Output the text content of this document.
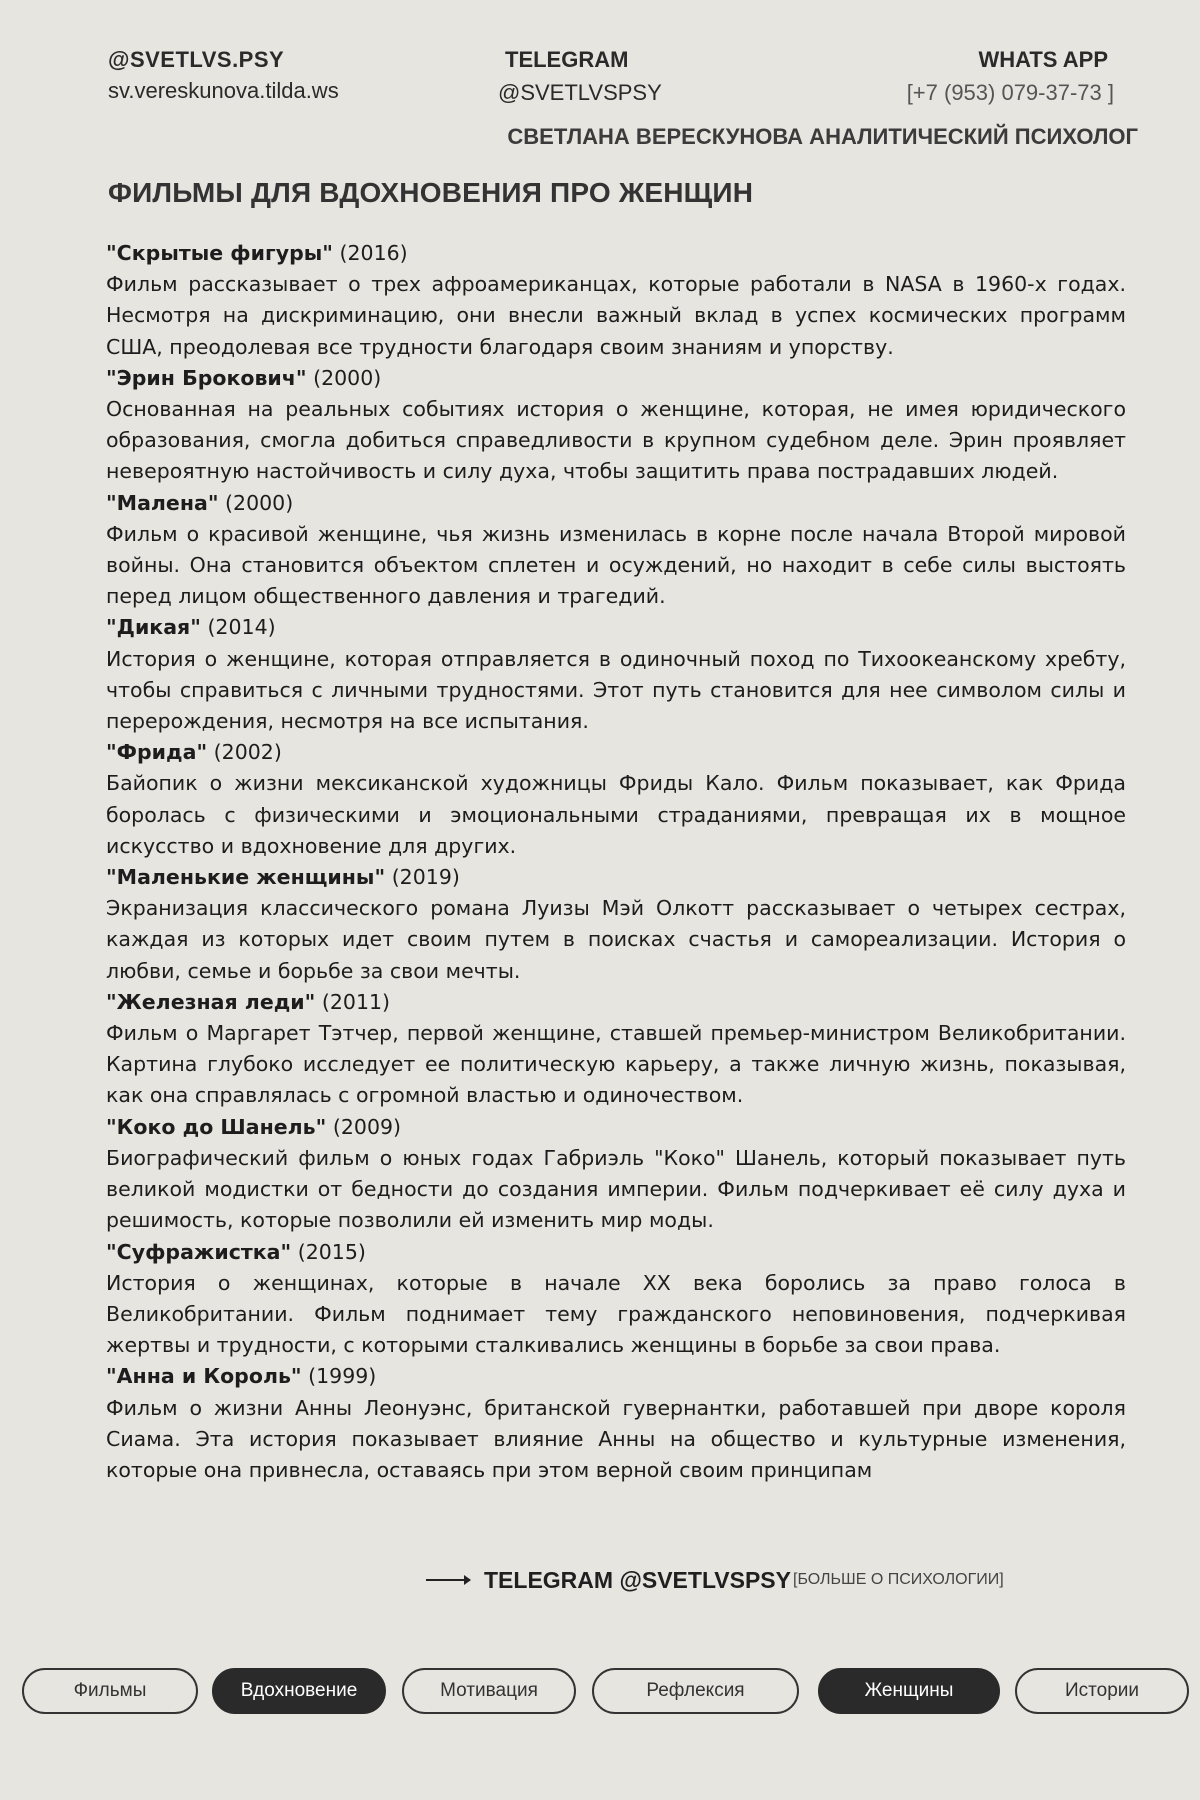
@SVETLVS.PSY
sv.vereskunova.tilda.ws
TELEGRAM
@SVETLVSPSY
WHATS APP
[+7 (953) 079-37-73 ]
СВЕТЛАНА ВЕРЕСКУНОВА АНАЛИТИЧЕСКИЙ ПСИХОЛОГ
ФИЛЬМЫ ДЛЯ ВДОХНОВЕНИЯ ПРО ЖЕНЩИН

"Скрытые фигуры" (2016)

Фильм рассказывает о трех афроамериканцах, которые работали в NASA в 1960-х годах. Несмотря на дискриминацию, они внесли важный вклад в успех космических программ США, преодолевая все трудности благодаря своим знаниям и упорству.

"Эрин Брокович" (2000)

Основанная на реальных событиях история о женщине, которая, не имея юридического образования, смогла добиться справедливости в крупном судебном деле. Эрин проявляет невероятную настойчивость и силу духа, чтобы защитить права пострадавших людей.

"Малена" (2000)

Фильм о красивой женщине, чья жизнь изменилась в корне после начала Второй мировой войны. Она становится объектом сплетен и осуждений, но находит в себе силы выстоять перед лицом общественного давления и трагедий.

"Дикая" (2014)

История о женщине, которая отправляется в одиночный поход по Тихоокеанскому хребту, чтобы справиться с личными трудностями. Этот путь становится для нее символом силы и перерождения, несмотря на все испытания.

"Фрида" (2002)

Байопик о жизни мексиканской художницы Фриды Кало. Фильм показывает, как Фрида боролась с физическими и эмоциональными страданиями, превращая их в мощное искусство и вдохновение для других.

"Маленькие женщины" (2019)

Экранизация классического романа Луизы Мэй Олкотт рассказывает о четырех сестрах, каждая из которых идет своим путем в поисках счастья и самореализации. История о любви, семье и борьбе за свои мечты.

"Железная леди" (2011)

Фильм о Маргарет Тэтчер, первой женщине, ставшей премьер-министром Великобритании. Картина глубоко исследует ее политическую карьеру, а также личную жизнь, показывая, как она справлялась с огромной властью и одиночеством.

"Коко до Шанель" (2009)

Биографический фильм о юных годах Габриэль "Коко" Шанель, который показывает путь великой модистки от бедности до создания империи. Фильм подчеркивает её силу духа и решимость, которые позволили ей изменить мир моды.

"Суфражистка" (2015)

История о женщинах, которые в начале XX века боролись за право голоса в Великобритании. Фильм поднимает тему гражданского неповиновения, подчеркивая жертвы и трудности, с которыми сталкивались женщины в борьбе за свои права.

"Анна и Король" (1999)

Фильм о жизни Анны Леонуэнс, британской гувернантки, работавшей при дворе короля Сиама. Эта история показывает влияние Анны на общество и культурные изменения, которые она привнесла, оставаясь при этом верной своим принципам

TELEGRAM @SVETLVSPSY [БОЛЬШЕ О ПСИХОЛОГИИ]
Фильмы	Вдохновение	Мотивация	Рефлексия	Женщины	Истории
